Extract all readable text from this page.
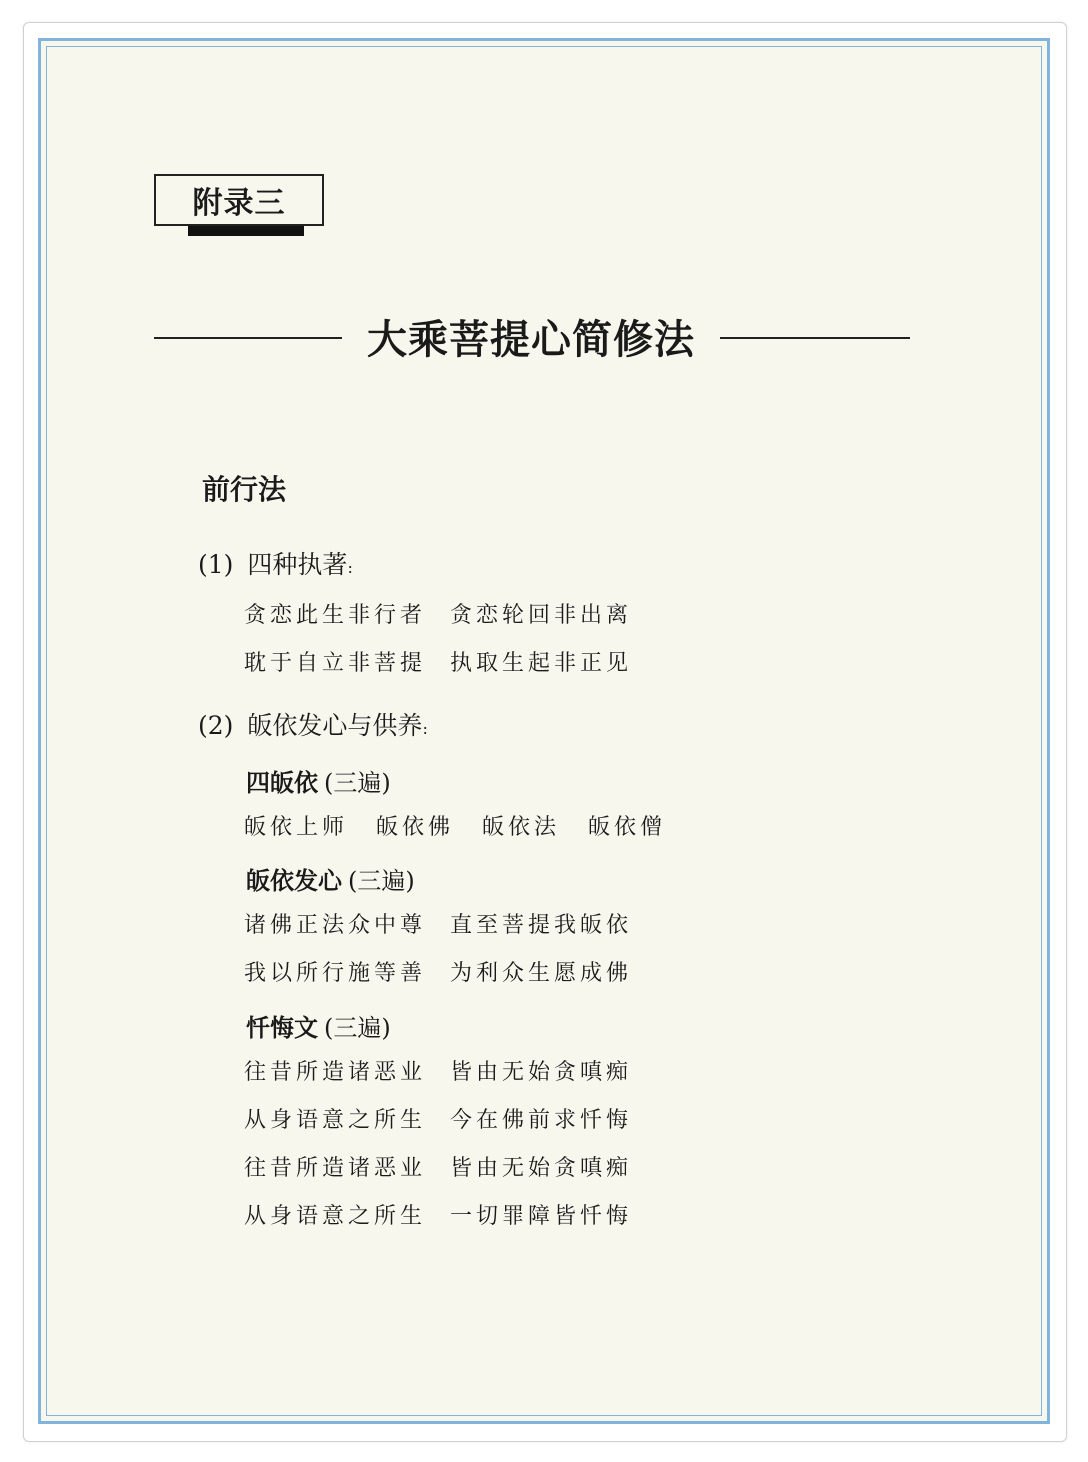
附录三
大乘菩提心简修法
前行法
(1) 四种执著:
贪恋此生非行者 贪恋轮回非出离
耽于自立非菩提 执取生起非正见
(2) 皈依发心与供养:
四皈依 (三遍)
皈依上师 皈依佛 皈依法 皈依僧
皈依发心 (三遍)
诸佛正法众中尊 直至菩提我皈依
我以所行施等善 为利众生愿成佛
忏悔文 (三遍)
往昔所造诸恶业 皆由无始贪嗔痴
从身语意之所生 今在佛前求忏悔
往昔所造诸恶业 皆由无始贪嗔痴
从身语意之所生 一切罪障皆忏悔
